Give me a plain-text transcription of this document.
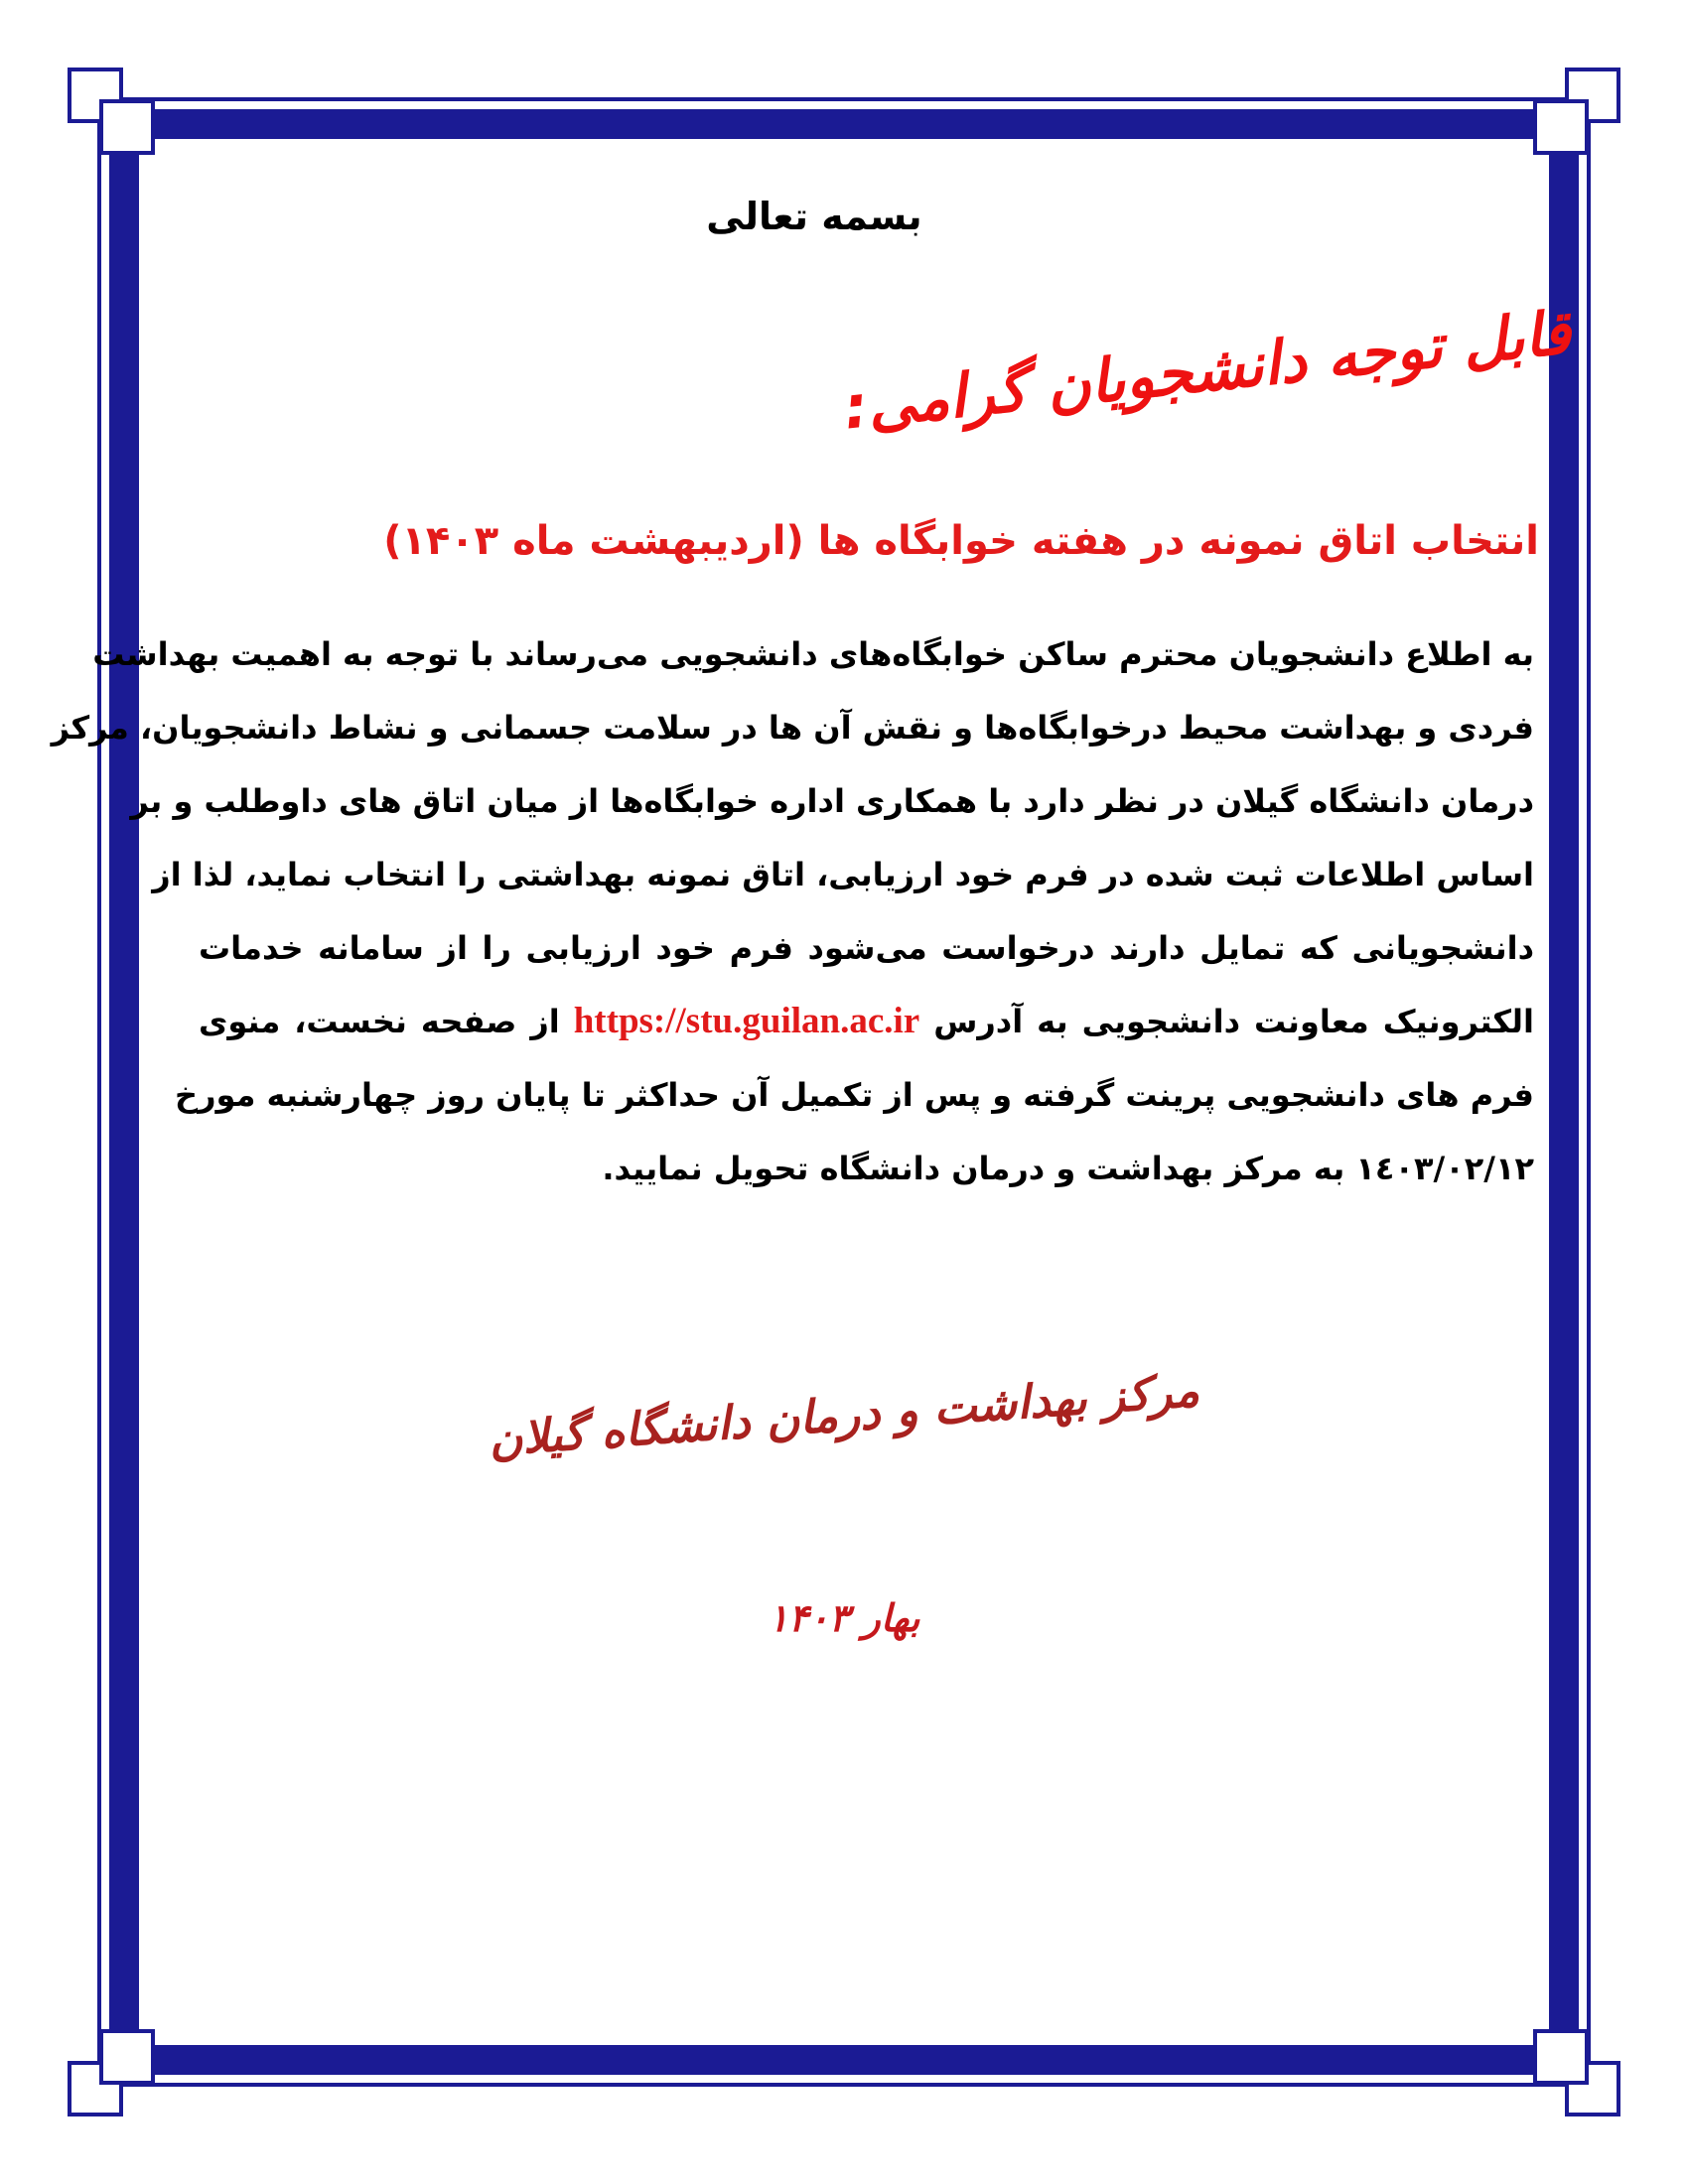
بسمه تعالی
قابل توجه دانشجویان گرامی:
انتخاب اتاق نمونه در هفته خوابگاه ها (اردیبهشت ماه ۱۴۰۳)
به اطلاع دانشجویان محترم ساکن خوابگاه‌های دانشجویی می‌رساند با توجه به اهمیت بهداشت
فردی و بهداشت محیط درخوابگاه‌ها و نقش آن ها در سلامت جسمانی و نشاط دانشجویان، مرکز
درمان دانشگاه گیلان در نظر دارد با همکاری اداره خوابگاه‌ها از میان اتاق های داوطلب و بر
اساس اطلاعات ثبت شده در فرم خود ارزیابی، اتاق نمونه بهداشتی را انتخاب نماید، لذا از
دانشجویانی که تمایل دارند درخواست می‌شود فرم خود ارزیابی را از سامانه خدمات
الکترونیک معاونت دانشجویی به آدرس https://stu.guilan.ac.ir از صفحه نخست، منوی
فرم های دانشجویی پرینت گرفته و پس از تکمیل آن حداکثر تا پایان روز چهارشنبه مورخ
١٤٠٣/٠٢/١٢ به مرکز بهداشت و درمان دانشگاه تحویل نمایید.
مرکز بهداشت و درمان دانشگاه گیلان
بهار ۱۴۰۳
